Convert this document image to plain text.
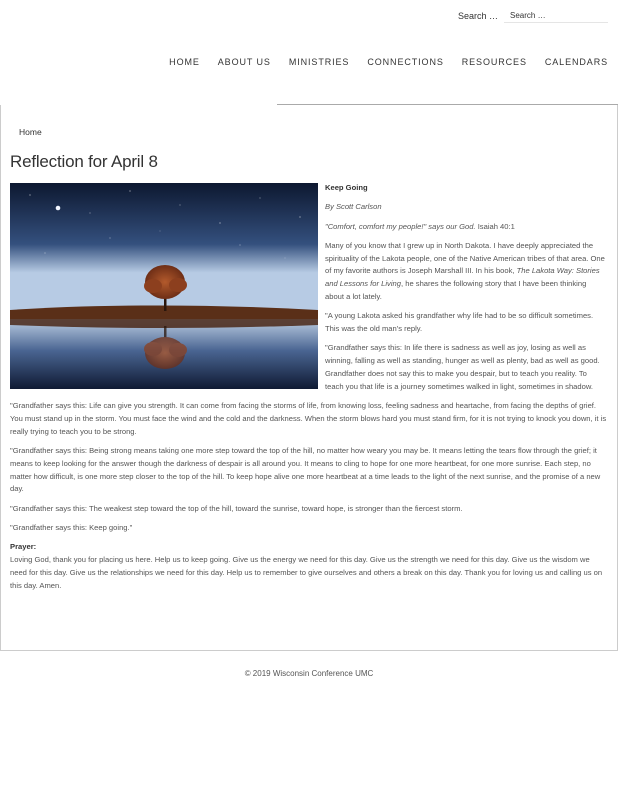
Search …
Search …
HOME ABOUT US MINISTRIES CONNECTIONS RESOURCES CALENDARS
Home
Reflection for April 8

Keep Going

By Scott Carlson

"Comfort, comfort my people!" says our God. Isaiah 40:1

Many of you know that I grew up in North Dakota. I have deeply appreciated the spirituality of the Lakota people, one of the Native American tribes of that area. One of my favorite authors is Joseph Marshall III. In his book, The Lakota Way: Stories and Lessons for Living, he shares the following story that I have been thinking about a lot lately.

"A young Lakota asked his grandfather why life had to be so difficult sometimes. This was the old man's reply.

"Grandfather says this: In life there is sadness as well as joy, losing as well as winning, falling as well as standing, hunger as well as plenty, bad as well as good. Grandfather does not say this to make you despair, but to teach you reality. To teach you that life is a journey sometimes walked in light, sometimes in shadow.

"Grandfather says this: Life can give you strength. It can come from facing the storms of life, from knowing loss, feeling sadness and heartache, from facing the depths of grief. You must stand up in the storm. You must face the wind and the cold and the darkness. When the storm blows hard you must stand firm, for it is not trying to knock you down, it is really trying to teach you to be strong.

"Grandfather says this: Being strong means taking one more step toward the top of the hill, no matter how weary you may be. It means letting the tears flow through the grief; it means to keep looking for the answer though the darkness of despair is all around you. It means to cling to hope for one more heartbeat, for one more sunrise. Each step, no matter how difficult, is one more step closer to the top of the hill. To keep hope alive one more heartbeat at a time leads to the light of the next sunrise, and the promise of a new day.

"Grandfather says this: The weakest step toward the top of the hill, toward the sunrise, toward hope, is stronger than the fiercest storm.

"Grandfather says this: Keep going."

Prayer:

Loving God, thank you for placing us here. Help us to keep going. Give us the energy we need for this day. Give us the strength we need for this day. Give us the wisdom we need for this day. Give us the relationships we need for this day. Help us to remember to give ourselves and others a break on this day. Thank you for loving us and calling us on this day. Amen.

© 2019 Wisconsin Conference UMC
